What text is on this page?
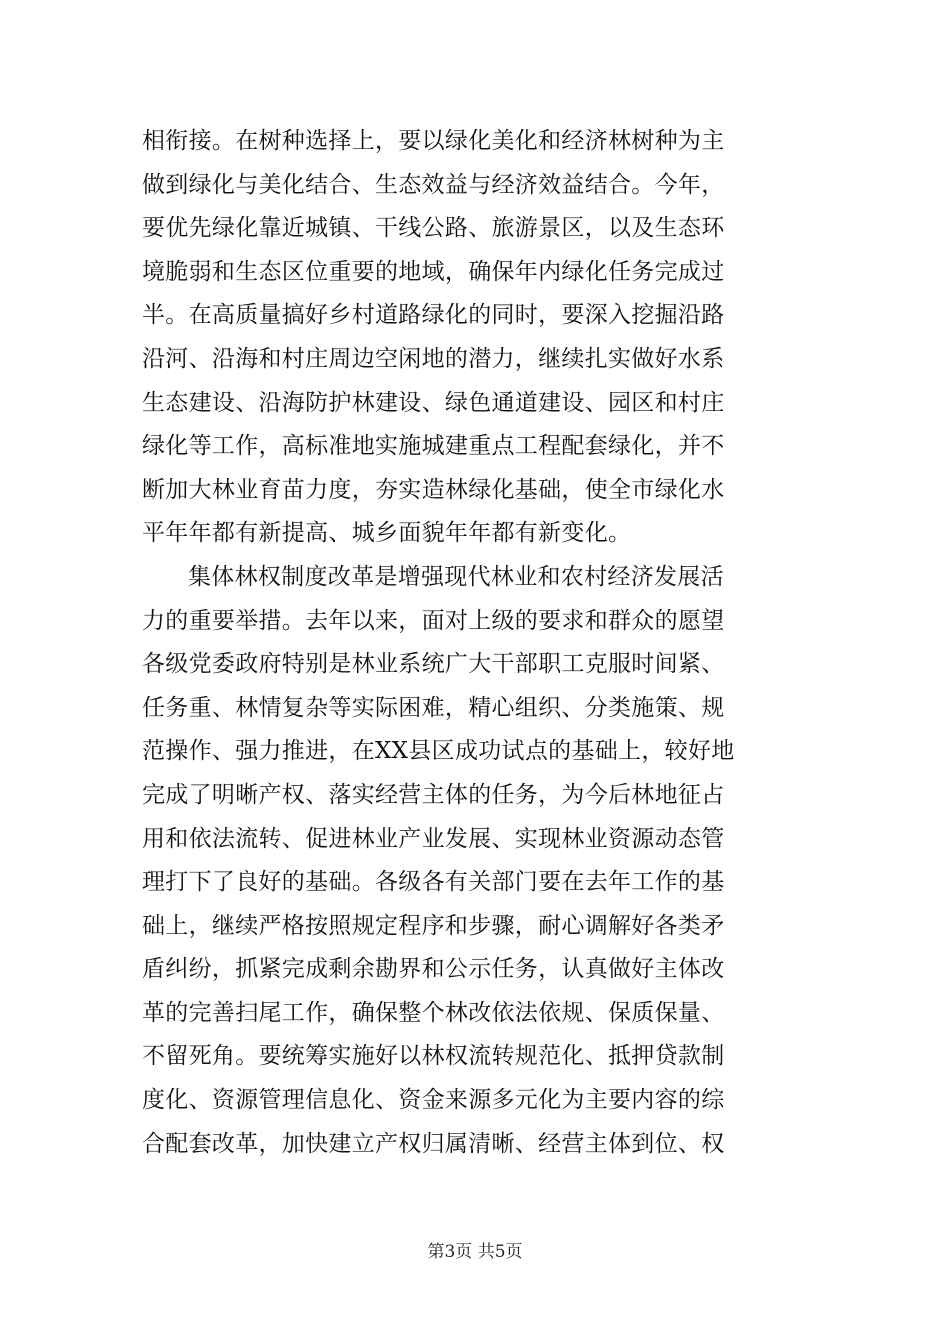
相衔接。在树种选择上，要以绿化美化和经济林树种为主
做到绿化与美化结合、生态效益与经济效益结合。今年，
要优先绿化靠近城镇、干线公路、旅游景区，以及生态环
境脆弱和生态区位重要的地域，确保年内绿化任务完成过
半。在高质量搞好乡村道路绿化的同时，要深入挖掘沿路
沿河、沿海和村庄周边空闲地的潜力，继续扎实做好水系
生态建设、沿海防护林建设、绿色通道建设、园区和村庄
绿化等工作，高标准地实施城建重点工程配套绿化，并不
断加大林业育苗力度，夯实造林绿化基础，使全市绿化水
平年年都有新提高、城乡面貌年年都有新变化。
集体林权制度改革是增强现代林业和农村经济发展活
力的重要举措。去年以来，面对上级的要求和群众的愿望
各级党委政府特别是林业系统广大干部职工克服时间紧、
任务重、林情复杂等实际困难，精心组织、分类施策、规
范操作、强力推进，在XX县区成功试点的基础上，较好地
完成了明晰产权、落实经营主体的任务，为今后林地征占
用和依法流转、促进林业产业发展、实现林业资源动态管
理打下了良好的基础。各级各有关部门要在去年工作的基
础上，继续严格按照规定程序和步骤，耐心调解好各类矛
盾纠纷，抓紧完成剩余勘界和公示任务，认真做好主体改
革的完善扫尾工作，确保整个林改依法依规、保质保量、
不留死角。要统筹实施好以林权流转规范化、抵押贷款制
度化、资源管理信息化、资金来源多元化为主要内容的综
合配套改革，加快建立产权归属清晰、经营主体到位、权
第3页 共5页
